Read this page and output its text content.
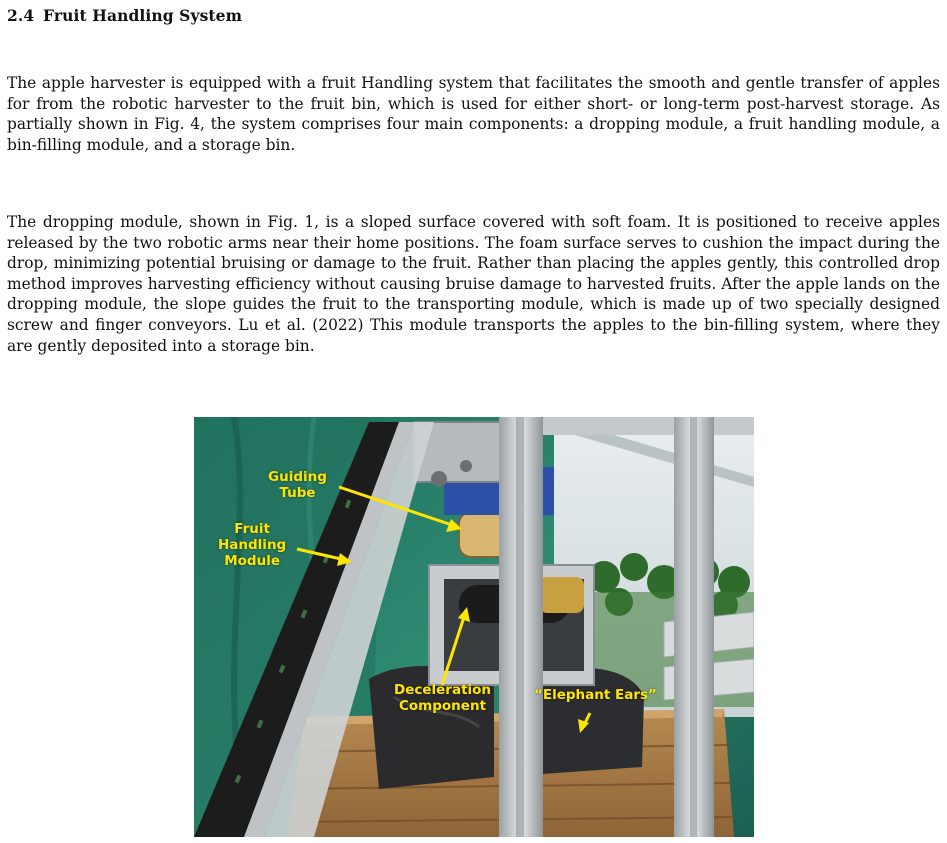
2.4 Fruit Handling System

The apple harvester is equipped with a fruit Handling system that facilitates the smooth and gentle transfer of apples for from the robotic harvester to the fruit bin, which is used for either short- or long-term post-harvest storage. As partially shown in Fig. 4, the system comprises four main components: a dropping module, a fruit handling module, a bin-filling module, and a storage bin.

The dropping module, shown in Fig. 1, is a sloped surface covered with soft foam. It is positioned to receive apples released by the two robotic arms near their home positions. The foam surface serves to cushion the impact during the drop, minimizing potential bruising or damage to the fruit. Rather than placing the apples gently, this controlled drop method improves harvesting efficiency without causing bruise damage to harvested fruits. After the apple lands on the dropping module, the slope guides the fruit to the transporting module, which is made up of two specially designed screw and finger conveyors. Lu et al. (2022) This module transports the apples to the bin-filling system, where they are gently deposited into a storage bin.

Guiding
Tube
Fruit
Handling
Module
Deceleration
Component
“Elephant Ears”
